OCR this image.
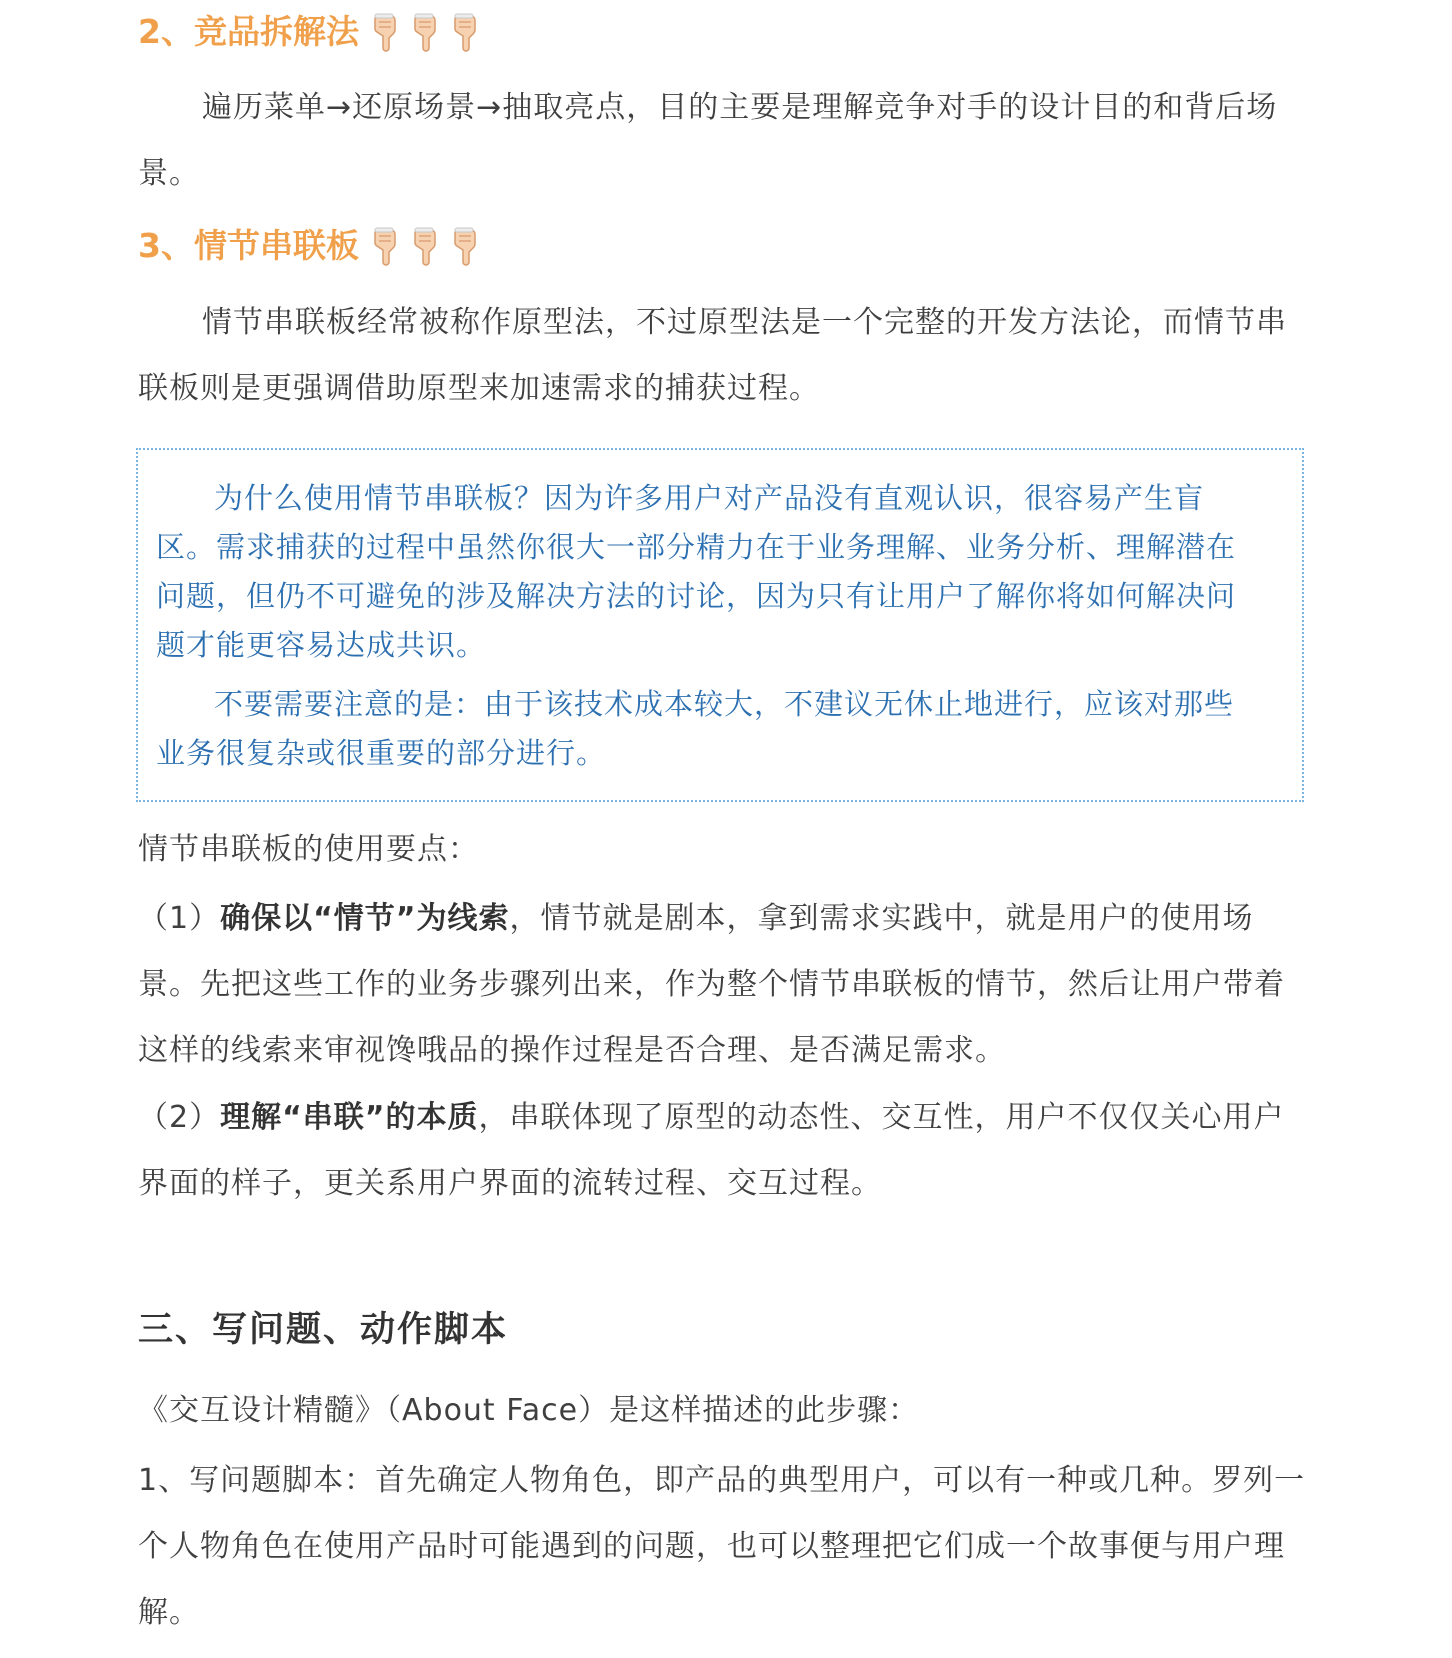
2、竞品拆解法

遍历菜单→还原场景→抽取亮点，目的主要是理解竞争对手的设计目的和背后场景。

3、情节串联板

情节串联板经常被称作原型法，不过原型法是一个完整的开发方法论，而情节串联板则是更强调借助原型来加速需求的捕获过程。

为什么使用情节串联板？因为许多用户对产品没有直观认识，很容易产生盲区。需求捕获的过程中虽然你很大一部分精力在于业务理解、业务分析、理解潜在问题，但仍不可避免的涉及解决方法的讨论，因为只有让用户了解你将如何解决问题才能更容易达成共识。

不要需要注意的是：由于该技术成本较大，不建议无休止地进行，应该对那些业务很复杂或很重要的部分进行。

情节串联板的使用要点：

（1）确保以“情节”为线索，情节就是剧本，拿到需求实践中，就是用户的使用场景。先把这些工作的业务步骤列出来，作为整个情节串联板的情节，然后让用户带着这样的线索来审视馋哦品的操作过程是否合理、是否满足需求。

（2）理解“串联”的本质，串联体现了原型的动态性、交互性，用户不仅仅关心用户界面的样子，更关系用户界面的流转过程、交互过程。

三、写问题、动作脚本

《交互设计精髓》（About Face）是这样描述的此步骤：

1、写问题脚本：首先确定人物角色，即产品的典型用户，可以有一种或几种。罗列一个人物角色在使用产品时可能遇到的问题，也可以整理把它们成一个故事便与用户理解。
